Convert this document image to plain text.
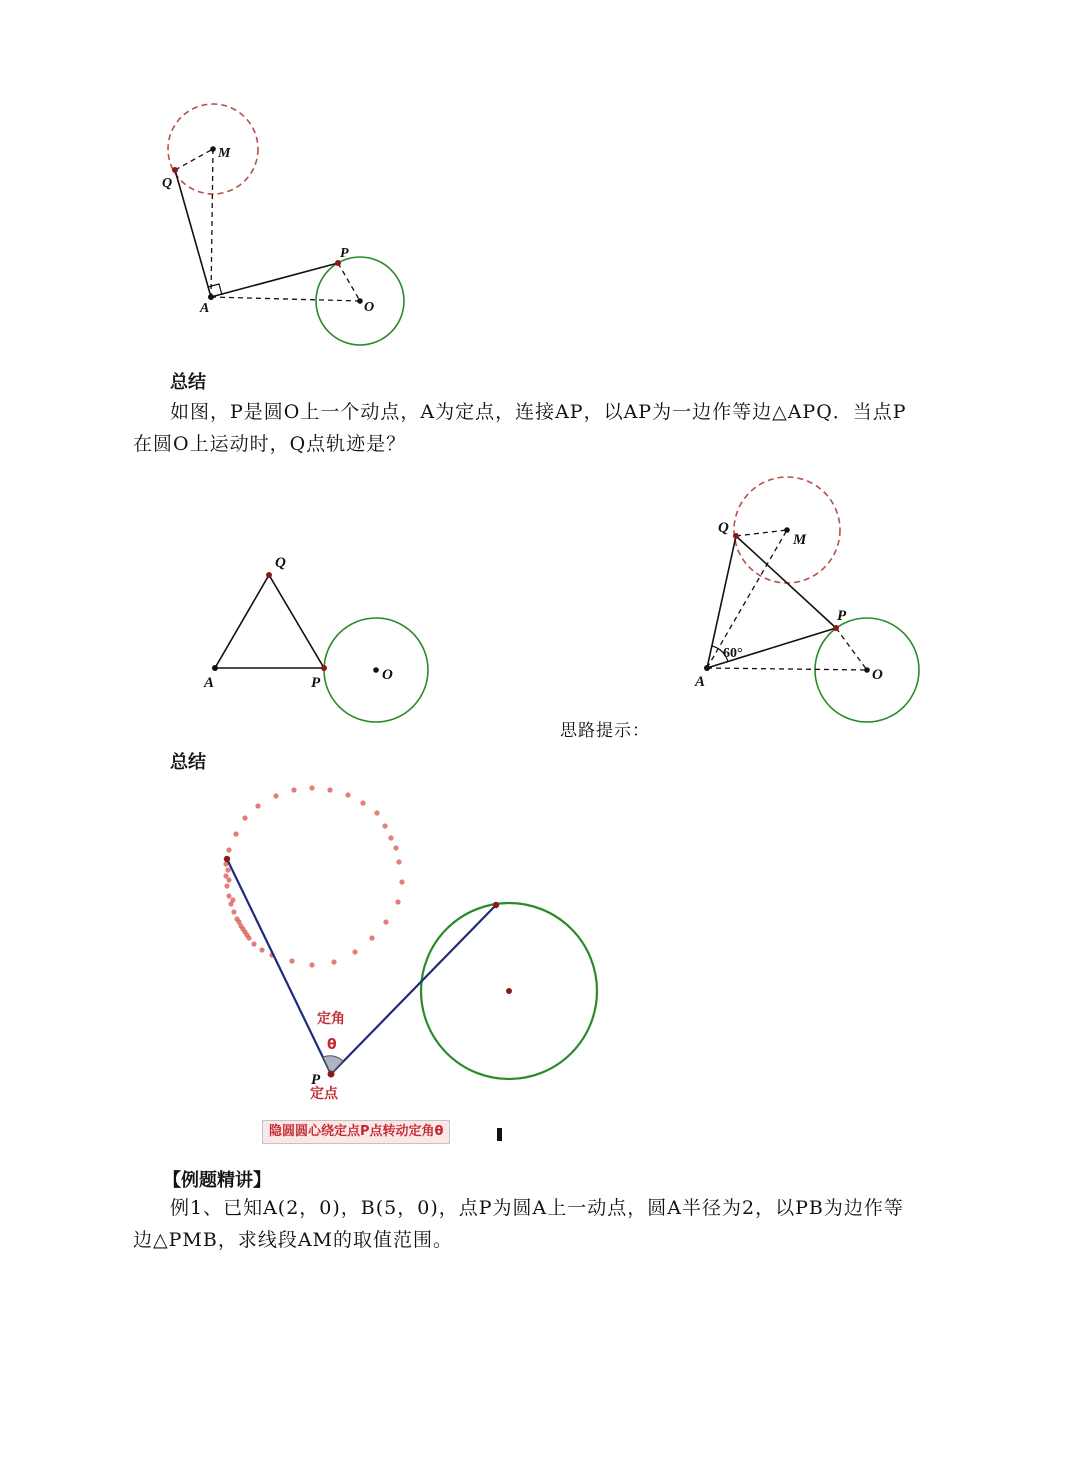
M
Q
P
A	O
总结
如图，P是圆O上一个动点，A为定点，连接AP，以AP为一边作等边△APQ．当点P
在圆O上运动时，Q点轨迹是？
Q
A	P	O
Q
M
P
A	O
60°
思路提示：
总结
定角
θ
P
定点
隐圆圆心绕定点P点转动定角θ
【例题精讲】
例1、已知A(2，0)，B(5，0)，点P为圆A上一动点，圆A半径为2，以PB为边作等
边△PMB，求线段AM的取值范围。
